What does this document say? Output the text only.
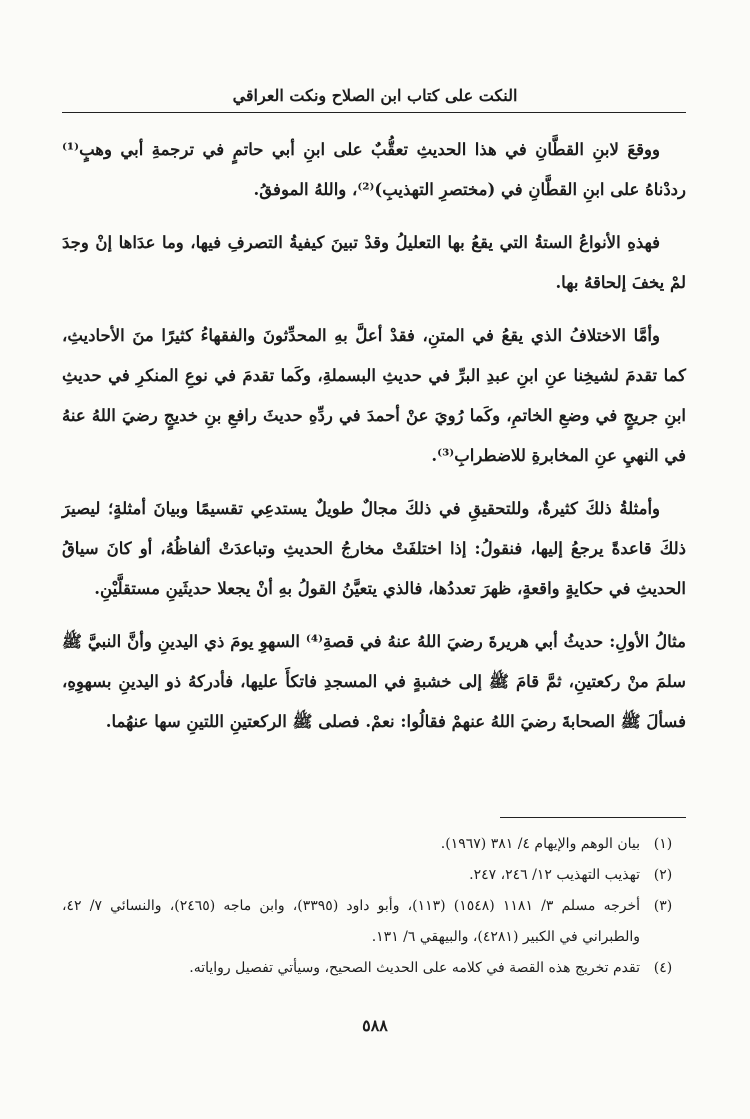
النكت على كتاب ابن الصلاح ونكت العراقي

ووقعَ لابنِ القطَّانِ في هذا الحديثِ تعقُّبٌ على ابنِ أبي حاتمٍ في ترجمةِ أبي وهبٍ⁽¹⁾ رددْناهُ على ابنِ القطَّانِ في (مختصرِ التهذيبِ)⁽²⁾، واللهُ الموفقُ.

فهذهِ الأنواعُ الستةُ التي يقعُ بها التعليلُ وقدْ تبينَ كيفيةُ التصرفِ فيها، وما عدَاها إنْ وجدَ لمْ يخفَ إلحاقهُ بها.

وأمَّا الاختلافُ الذي يقعُ في المتنِ، فقدْ أعلَّ بهِ المحدِّثونَ والفقهاءُ كثيرًا منَ الأحاديثِ، كما تقدمَ لشيخِنا عنِ ابنِ عبدِ البرِّ في حديثِ البسملةِ، وكَما تقدمَ في نوعِ المنكرِ في حديثِ ابنِ جريجٍ في وضعِ الخاتمِ، وكَما رُويَ عنْ أحمدَ في ردِّهِ حديثَ رافعِ بنِ خديجٍ رضيَ اللهُ عنهُ في النهيِ عنِ المخابرةِ للاضطرابِ⁽³⁾.

وأمثلةُ ذلكَ كثيرةٌ، وللتحقيقِ في ذلكَ مجالٌ طويلٌ يستدعِي تقسيمًا وبيانَ أمثلةٍ؛ ليصيرَ ذلكَ قاعدةً يرجعُ إليها، فنقولُ: إذا اختلفَتْ مخارجُ الحديثِ وتباعدَتْ ألفاظُهُ، أو كانَ سياقُ الحديثِ في حكايةٍ واقعةٍ، ظهرَ تعددُها، فالذي يتعيَّنُ القولُ بهِ أنْ يجعلا حديثَينِ مستقلَّيْنِ.

مثالُ الأولِ: حديثُ أبي هريرةَ رضيَ اللهُ عنهُ في قصةِ⁽⁴⁾ السهوِ يومَ ذي اليدينِ وأنَّ النبيَّ ﷺ سلمَ منْ ركعتينِ، ثمَّ قامَ ﷺ إلى خشبةٍ في المسجدِ فاتكأَ عليها، فأدركهُ ذو اليدينِ بسهوِهِ، فسألَ ﷺ الصحابةَ رضيَ اللهُ عنهمْ فقالُوا: نعمْ. فصلى ﷺ الركعتينِ اللتينِ سها عنهُما.

(١)
بيان الوهم والإيهام ٤/ ٣٨١ (١٩٦٧).
(٢)
تهذيب التهذيب ١٢/ ٢٤٦، ٢٤٧.
(٣)
أخرجه مسلم ٣/ ١١٨١ (١٥٤٨) (١١٣)، وأبو داود (٣٣٩٥)، وابن ماجه (٢٤٦٥)، والنسائي ٧/ ٤٢، والطبراني في الكبير (٤٢٨١)، والبيهقي ٦/ ١٣١.
(٤)
تقدم تخريج هذه القصة في كلامه على الحديث الصحيح، وسيأتي تفصيل رواياته.
٥٨٨
